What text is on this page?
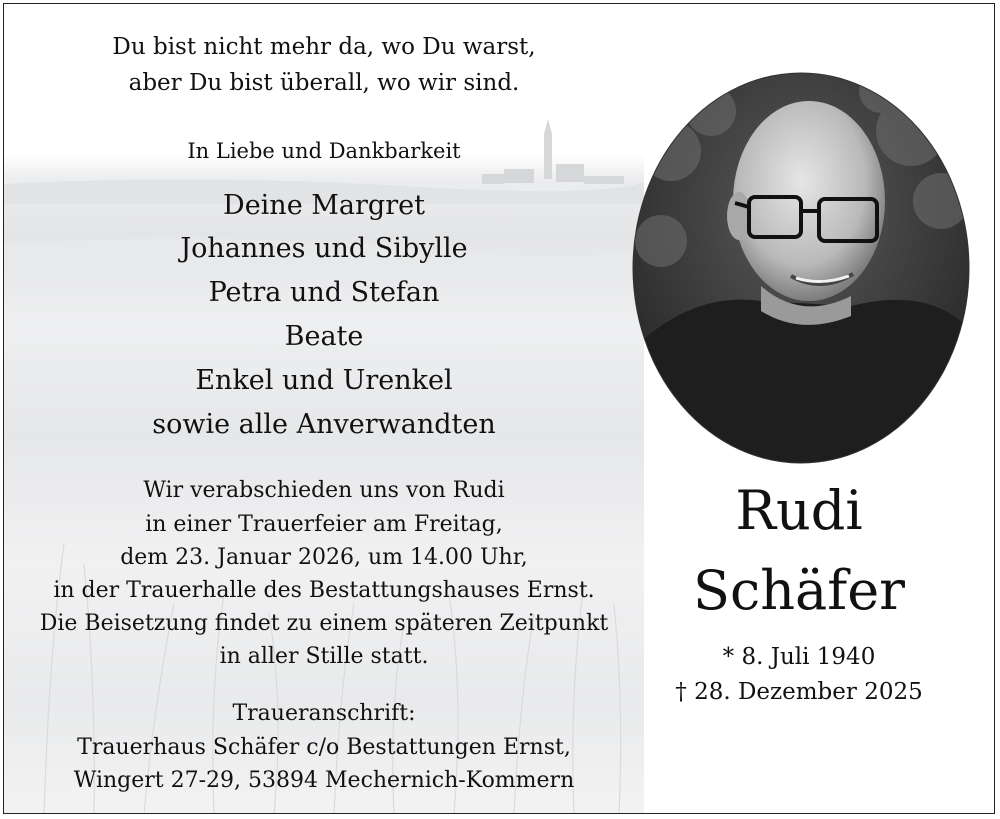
Du bist nicht mehr da, wo Du warst,
aber Du bist überall, wo wir sind.
In Liebe und Dankbarkeit
Deine Margret
Johannes und Sibylle
Petra und Stefan
Beate
Enkel und Urenkel
sowie alle Anverwandten
Wir verabschieden uns von Rudi
in einer Trauerfeier am Freitag,
dem 23. Januar 2026, um 14.00 Uhr,
in der Trauerhalle des Bestattungshauses Ernst.
Die Beisetzung findet zu einem späteren Zeitpunkt
in aller Stille statt.
Traueranschrift:
Trauerhaus Schäfer c/o Bestattungen Ernst,
Wingert 27-29, 53894 Mechernich-Kommern
Rudi
Schäfer
* 8. Juli 1940
† 28. Dezember 2025
